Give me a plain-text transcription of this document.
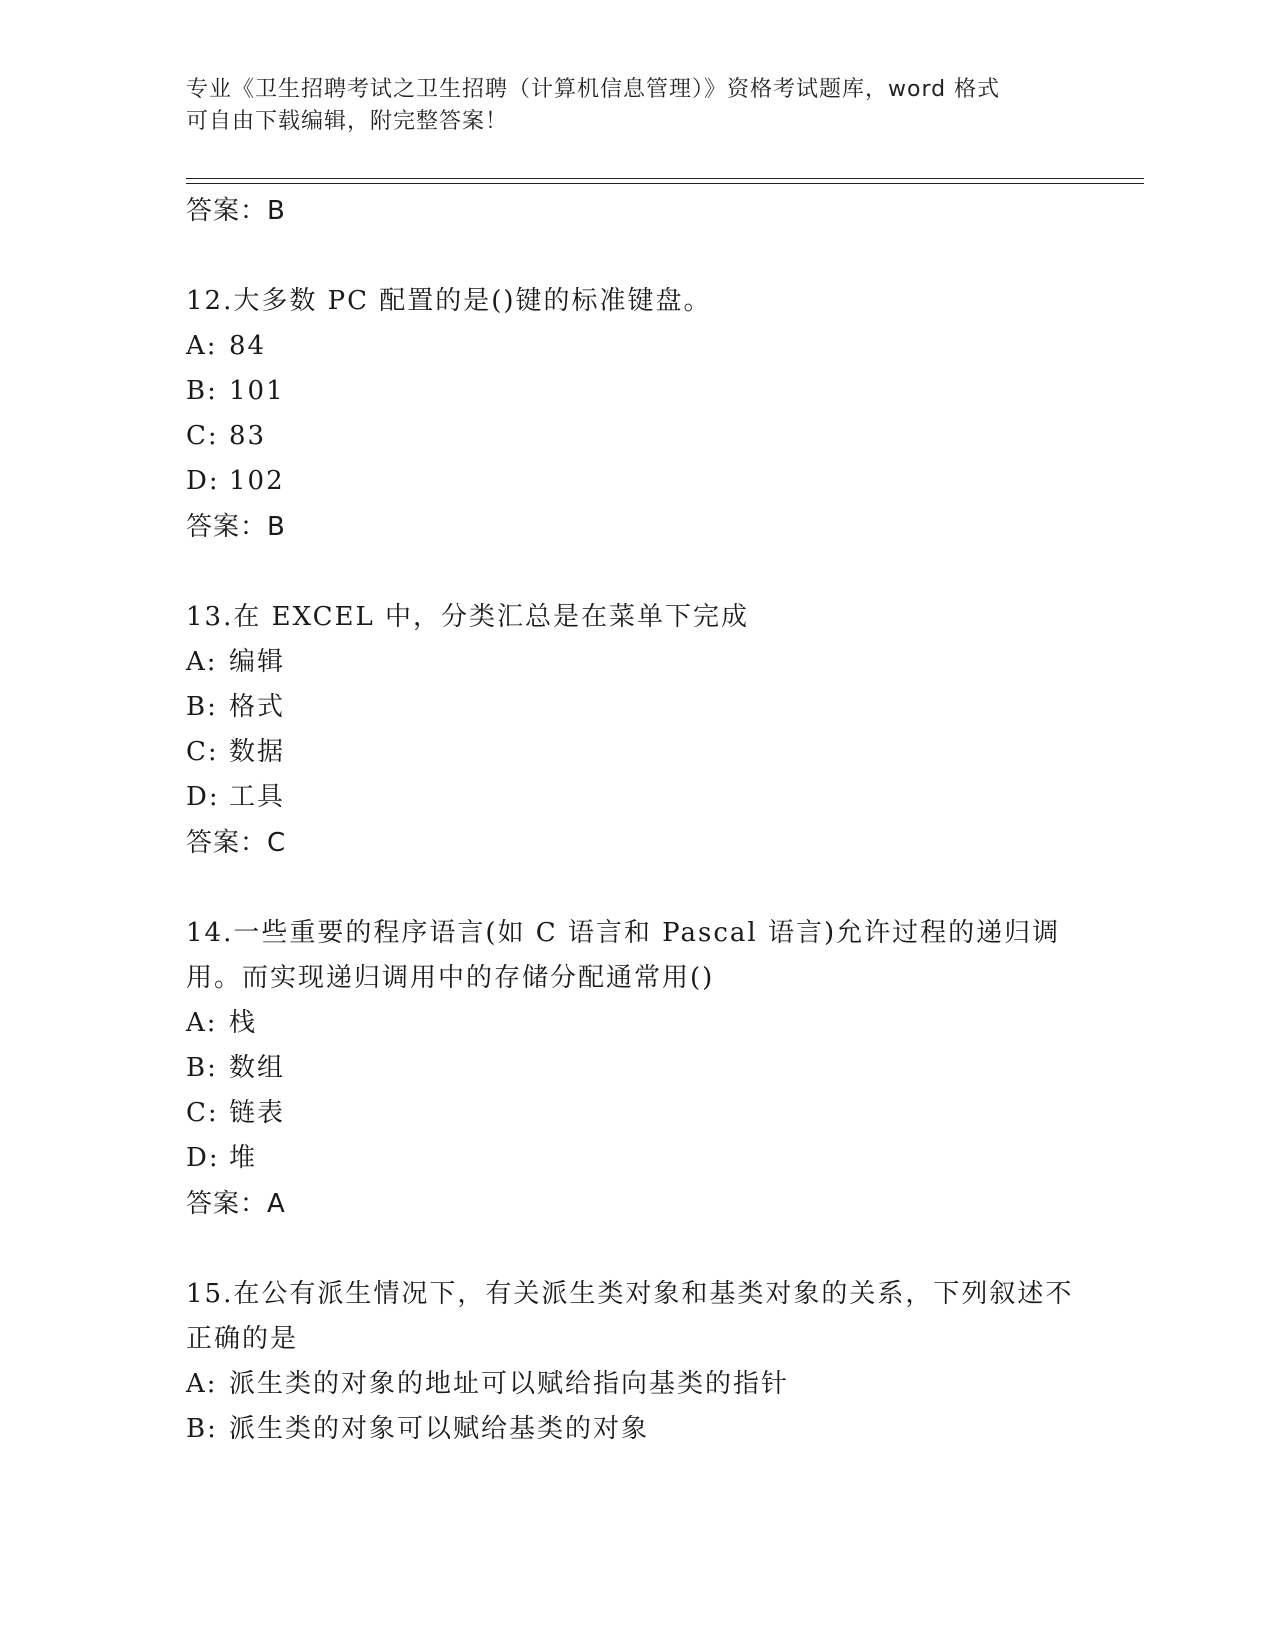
专业《卫生招聘考试之卫生招聘（计算机信息管理）》资格考试题库，word 格式
可自由下载编辑，附完整答案！

答案：B

12.大多数 PC 配置的是()键的标准键盘。

A: 84
B: 101
C: 83
D: 102

答案：B

13.在 EXCEL 中，分类汇总是在菜单下完成

A: 编辑
B: 格式
C: 数据
D: 工具

答案：C

14.一些重要的程序语言(如 C 语言和 Pascal 语言)允许过程的递归调用。而实现递归调用中的存储分配通常用()

A: 栈
B: 数组
C: 链表
D: 堆

答案：A

15.在公有派生情况下，有关派生类对象和基类对象的关系，下列叙述不正确的是

A: 派生类的对象的地址可以赋给指向基类的指针
B: 派生类的对象可以赋给基类的对象
